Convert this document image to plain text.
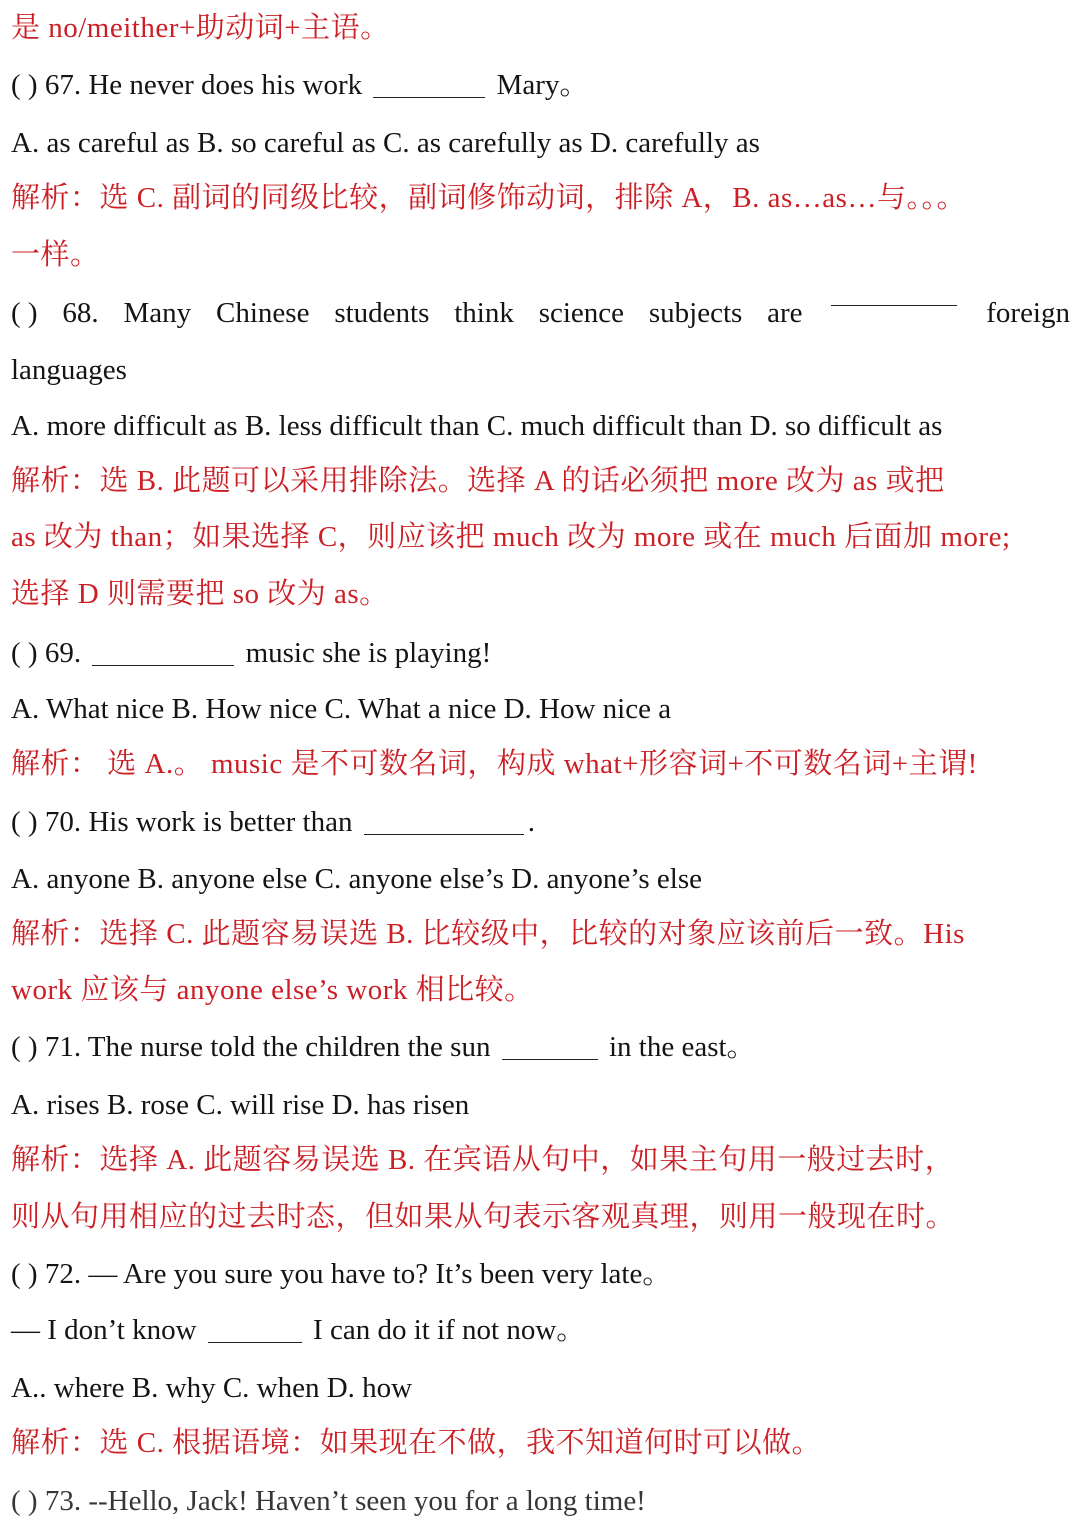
是 no/meither+助动词+主语。
( ) 67. He never does his work	Mary。
A. as careful as B. so careful as C. as carefully as D. carefully as
解析：选 C. 副词的同级比较，副词修饰动词，排除 A，B. as…as…与。。。
一样。
( ) 68. Many Chinese students think science subjects are	foreign
languages
A. more difficult as B. less difficult than C. much difficult than D. so difficult as
解析：选 B. 此题可以采用排除法。选择 A 的话必须把 more 改为 as 或把
as 改为 than；如果选择 C，则应该把 much 改为 more 或在 much 后面加 more;
选择 D 则需要把 so 改为 as。
( ) 69.	music she is playing!
A. What nice B. How nice C. What a nice D. How nice a
解析： 选 A.。 music 是不可数名词，构成 what+形容词+不可数名词+主谓!
( ) 70. His work is better than	.
A. anyone B. anyone else C. anyone else’s D. anyone’s else
解析：选择 C. 此题容易误选 B. 比较级中，比较的对象应该前后一致。His
work 应该与 anyone else’s work 相比较。
( ) 71. The nurse told the children the sun	in the east。
A. rises B. rose C. will rise D. has risen
解析：选择 A. 此题容易误选 B. 在宾语从句中，如果主句用一般过去时，
则从句用相应的过去时态，但如果从句表示客观真理，则用一般现在时。
( ) 72. — Are you sure you have to? It’s been very late。
— I don’t know	I can do it if not now。
A.. where B. why C. when D. how
解析：选 C. 根据语境：如果现在不做，我不知道何时可以做。
( ) 73. --Hello, Jack! Haven’t seen you for a long time!
